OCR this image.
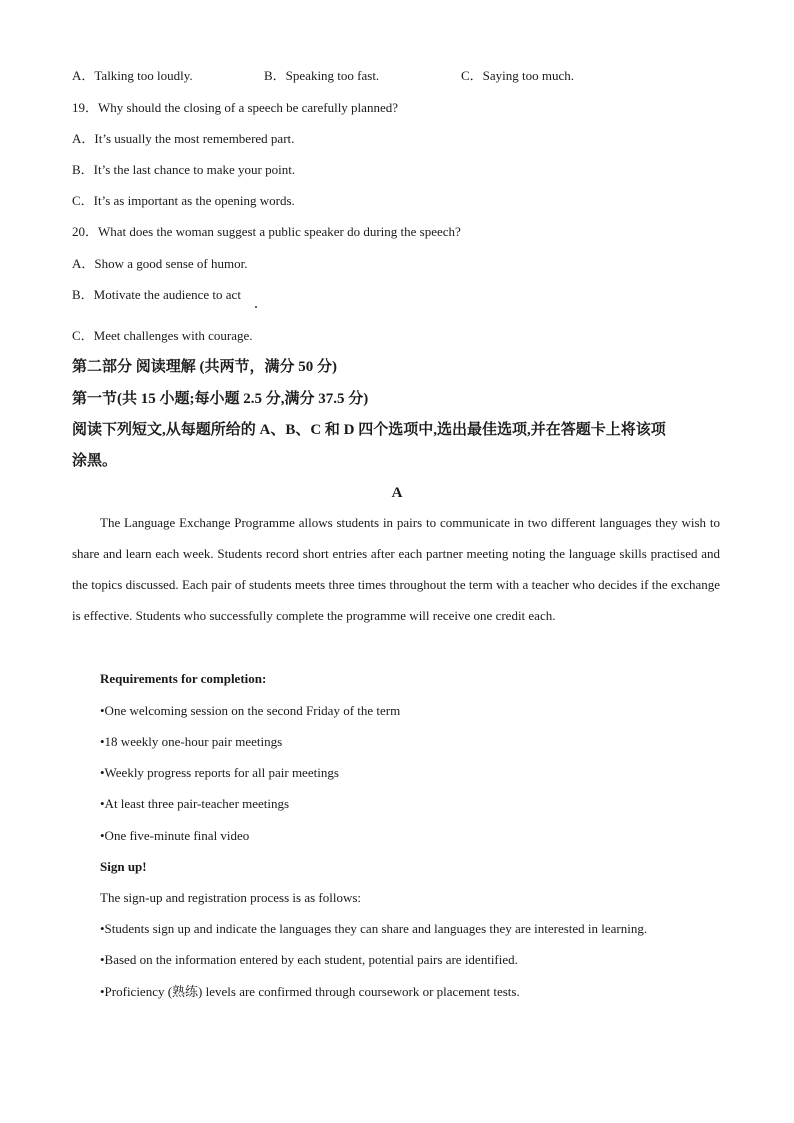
A．Talking too loudly.	B．Speaking too fast.	C．Saying too much.
19．Why should the closing of a speech be carefully planned?
A．It’s usually the most remembered part.
B．It’s the last chance to make your point.
C．It’s as important as the opening words.
20．What does the woman suggest a public speaker do during the speech?
A．Show a good sense of humor.
B．Motivate the audience to act
C．Meet challenges with courage.
第二部分 阅读理解 (共两节，满分 50 分)
第一节(共 15 小题;每小题 2.5 分,满分 37.5 分)
阅读下列短文,从每题所给的 A、B、C 和 D 四个选项中,选出最佳选项,并在答题卡上将该项
涂黑。
A
The Language Exchange Programme allows students in pairs to communicate in two different languages they wish to share and learn each week. Students record short entries after each partner meeting noting the language skills practised and the topics discussed. Each pair of students meets three times throughout the term with a teacher who decides if the exchange is effective. Students who successfully complete the programme will receive one credit each.
Requirements for completion:
•One welcoming session on the second Friday of the term
•18 weekly one-hour pair meetings
•Weekly progress reports for all pair meetings
•At least three pair-teacher meetings
•One five-minute final video
Sign up!
The sign-up and registration process is as follows:
•Students sign up and indicate the languages they can share and languages they are interested in learning.
•Based on the information entered by each student, potential pairs are identified.
•Proficiency (熟练) levels are confirmed through coursework or placement tests.
